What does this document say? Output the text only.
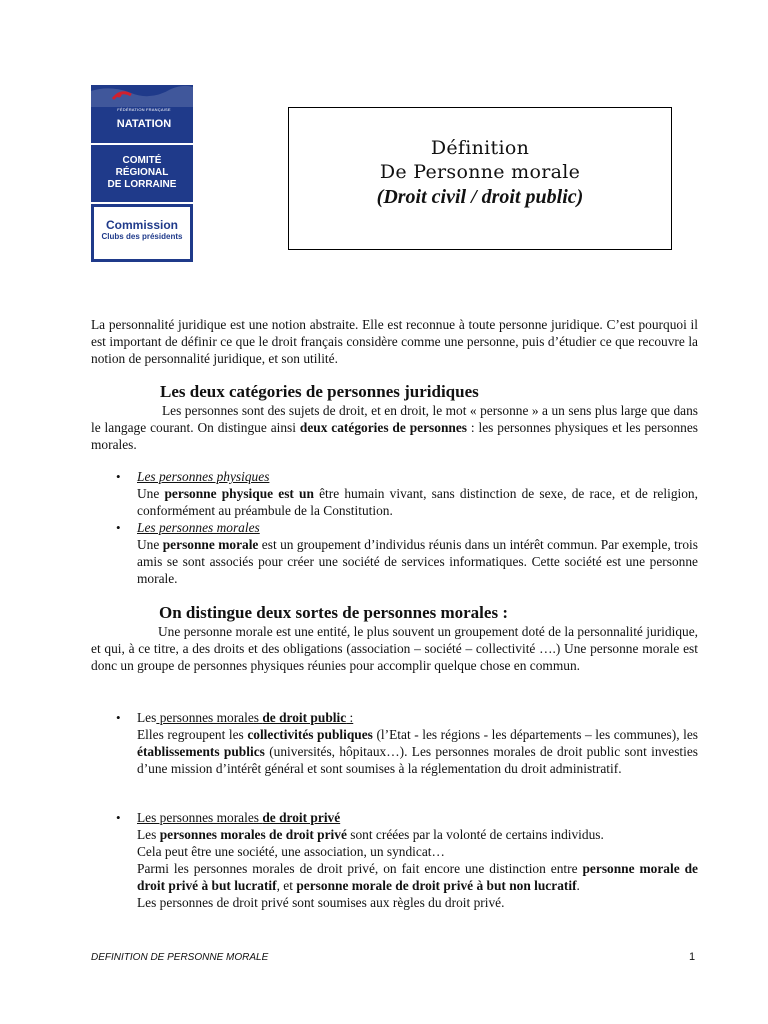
FÉDÉRATION FRANÇAISE
NATATION
COMITÉ
RÉGIONAL
DE LORRAINE
Commission
Clubs des présidents
Définition
De Personne morale
(Droit civil / droit public)
La personnalité juridique est une notion abstraite. Elle est reconnue à toute personne juridique. C’est pourquoi il est important de définir ce que le droit français considère comme une personne, puis d’étudier ce que recouvre la notion de personnalité juridique, et son utilité.
Les deux catégories de personnes juridiques
Les personnes sont des sujets de droit, et en droit, le mot « personne » a un sens plus large que dans le langage courant. On distingue ainsi deux catégories de personnes : les personnes physiques et les personnes morales.
• Les personnes physiques
Une personne physique est un être humain vivant, sans distinction de sexe, de race, et de religion, conformément au préambule de la Constitution.
• Les personnes morales
Une personne morale est un groupement d’individus réunis dans un intérêt commun. Par exemple, trois amis se sont associés pour créer une société de services informatiques. Cette société est une personne morale.
On distingue deux sortes de personnes morales :
Une personne morale est une entité, le plus souvent un groupement doté de la personnalité juridique, et qui, à ce titre, a des droits et des obligations (association – société – collectivité ….) Une personne morale est donc un groupe de personnes physiques réunies pour accomplir quelque chose en commun.
• Les personnes morales de droit public :
Elles regroupent les collectivités publiques (l’Etat - les régions - les départements – les communes), les établissements publics (universités, hôpitaux…). Les personnes morales de droit public sont investies d’une mission d’intérêt général et sont soumises à la réglementation du droit administratif.
• Les personnes morales de droit privé
Les personnes morales de droit privé sont créées par la volonté de certains individus.
Cela peut être une société, une association, un syndicat…
Parmi les personnes morales de droit privé, on fait encore une distinction entre personne morale de droit privé à but lucratif, et personne morale de droit privé à but non lucratif.
Les personnes de droit privé sont soumises aux règles du droit privé.
DEFINITION DE PERSONNE MORALE	1
